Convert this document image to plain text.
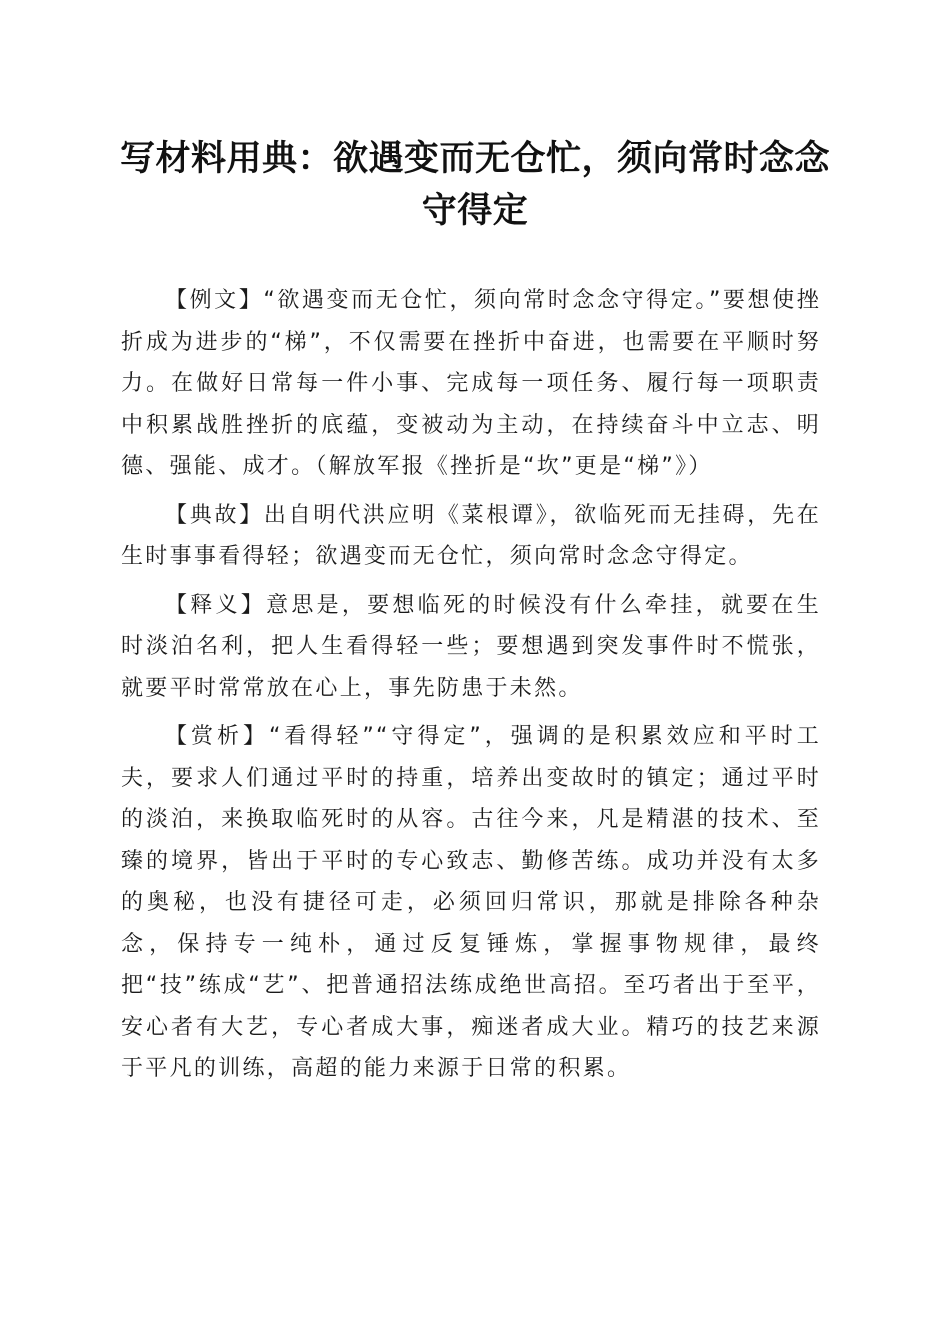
写材料用典：欲遇变而无仓忙，须向常时念念守得定

【例文】“欲遇变而无仓忙，须向常时念念守得定。”要想使挫折成为进步的“梯”，不仅需要在挫折中奋进，也需要在平顺时努力。在做好日常每一件小事、完成每一项任务、履行每一项职责中积累战胜挫折的底蕴，变被动为主动，在持续奋斗中立志、明德、强能、成才。（解放军报《挫折是“坎”更是“梯”》）

【典故】出自明代洪应明《菜根谭》，欲临死而无挂碍，先在生时事事看得轻；欲遇变而无仓忙，须向常时念念守得定。

【释义】意思是，要想临死的时候没有什么牵挂，就要在生时淡泊名利，把人生看得轻一些；要想遇到突发事件时不慌张，就要平时常常放在心上，事先防患于未然。

【赏析】“看得轻”“守得定”，强调的是积累效应和平时工夫，要求人们通过平时的持重，培养出变故时的镇定；通过平时的淡泊，来换取临死时的从容。古往今来，凡是精湛的技术、至臻的境界，皆出于平时的专心致志、勤修苦练。成功并没有太多的奥秘，也没有捷径可走，必须回归常识，那就是排除各种杂念，保持专一纯朴，通过反复锤炼，掌握事物规律，最终把“技”练成“艺”、把普通招法练成绝世高招。至巧者出于至平，安心者有大艺，专心者成大事，痴迷者成大业。精巧的技艺来源于平凡的训练，高超的能力来源于日常的积累。
